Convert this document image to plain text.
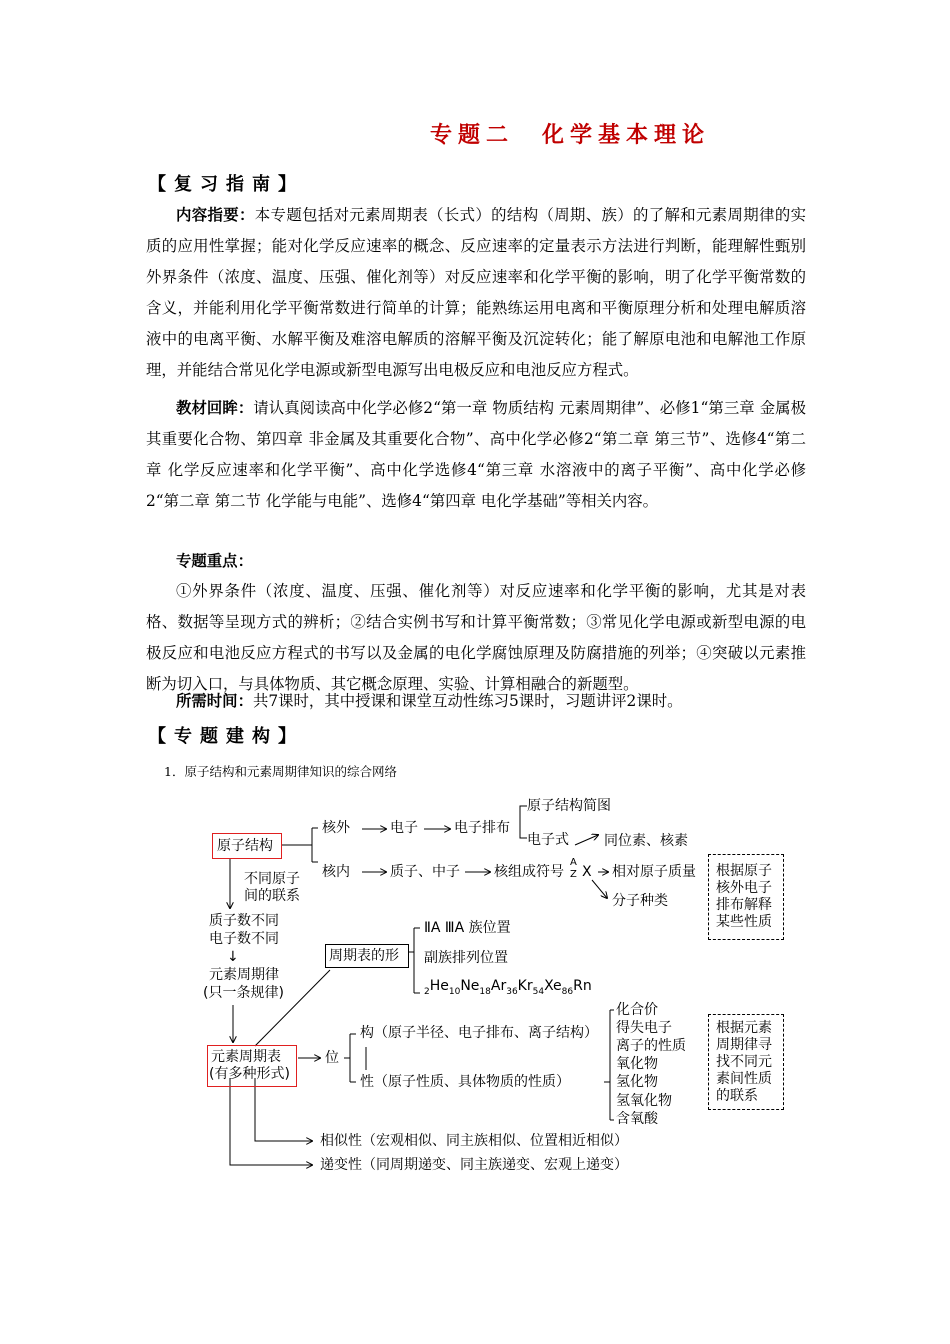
专题二 化学基本理论
【复习指南】
内容指要：本专题包括对元素周期表（长式）的结构（周期、族）的了解和元素周期律的实质的应用性掌握；能对化学反应速率的概念、反应速率的定量表示方法进行判断，能理解性甄别外界条件（浓度、温度、压强、催化剂等）对反应速率和化学平衡的影响，明了化学平衡常数的含义，并能利用化学平衡常数进行简单的计算；能熟练运用电离和平衡原理分析和处理电解质溶液中的电离平衡、水解平衡及难溶电解质的溶解平衡及沉淀转化；能了解原电池和电解池工作原理，并能结合常见化学电源或新型电源写出电极反应和电池反应方程式。
教材回眸：请认真阅读高中化学必修2“第一章 物质结构 元素周期律”、必修1“第三章 金属极其重要化合物、第四章 非金属及其重要化合物”、高中化学必修2“第二章 第三节”、选修4“第二章 化学反应速率和化学平衡”、高中化学选修4“第三章 水溶液中的离子平衡”、高中化学必修2“第二章 第二节 化学能与电能”、选修4“第四章 电化学基础”等相关内容。
专题重点：
①外界条件（浓度、温度、压强、催化剂等）对反应速率和化学平衡的影响，尤其是对表格、数据等呈现方式的辨析；②结合实例书写和计算平衡常数；③常见化学电源或新型电源的电极反应和电池反应方程式的书写以及金属的电化学腐蚀原理及防腐措施的列举；④突破以元素推断为切入口，与具体物质、其它概念原理、实验、计算相融合的新题型。
所需时间：共7课时，其中授课和课堂互动性练习5课时，习题讲评2课时。
【专题建构】
1．原子结构和元素周期律知识的综合网络
原子结构
核外	电子	电子排布
原子结构简图
电子式	同位素、核素
核内	质子、中子 核组成符号
A
Z X 相对原子质量
分子种类
根据原子核外电子排布解释某些性质
不同原子
间的联系
质子数不同
电子数不同
↓
元素周期律
(只一条规律)
周期表的形
ⅡA ⅢA 族位置
副族排列位置
$_2He_{10}Ne_{18}Ar_{36}Kr_{54}Xe_{86}Rn$
元素周期表
(有多种形式)
位
构（原子半径、电子排布、离子结构）
性（原子性质、具体物质的性质）
化合价
得失电子
离子的性质
氧化物
氢化物
氢氧化物
含氧酸
根据元素周期律寻找不同元素间性质的联系
相似性（宏观相似、同主族相似、位置相近相似）
递变性（同周期递变、同主族递变、宏观上递变）
